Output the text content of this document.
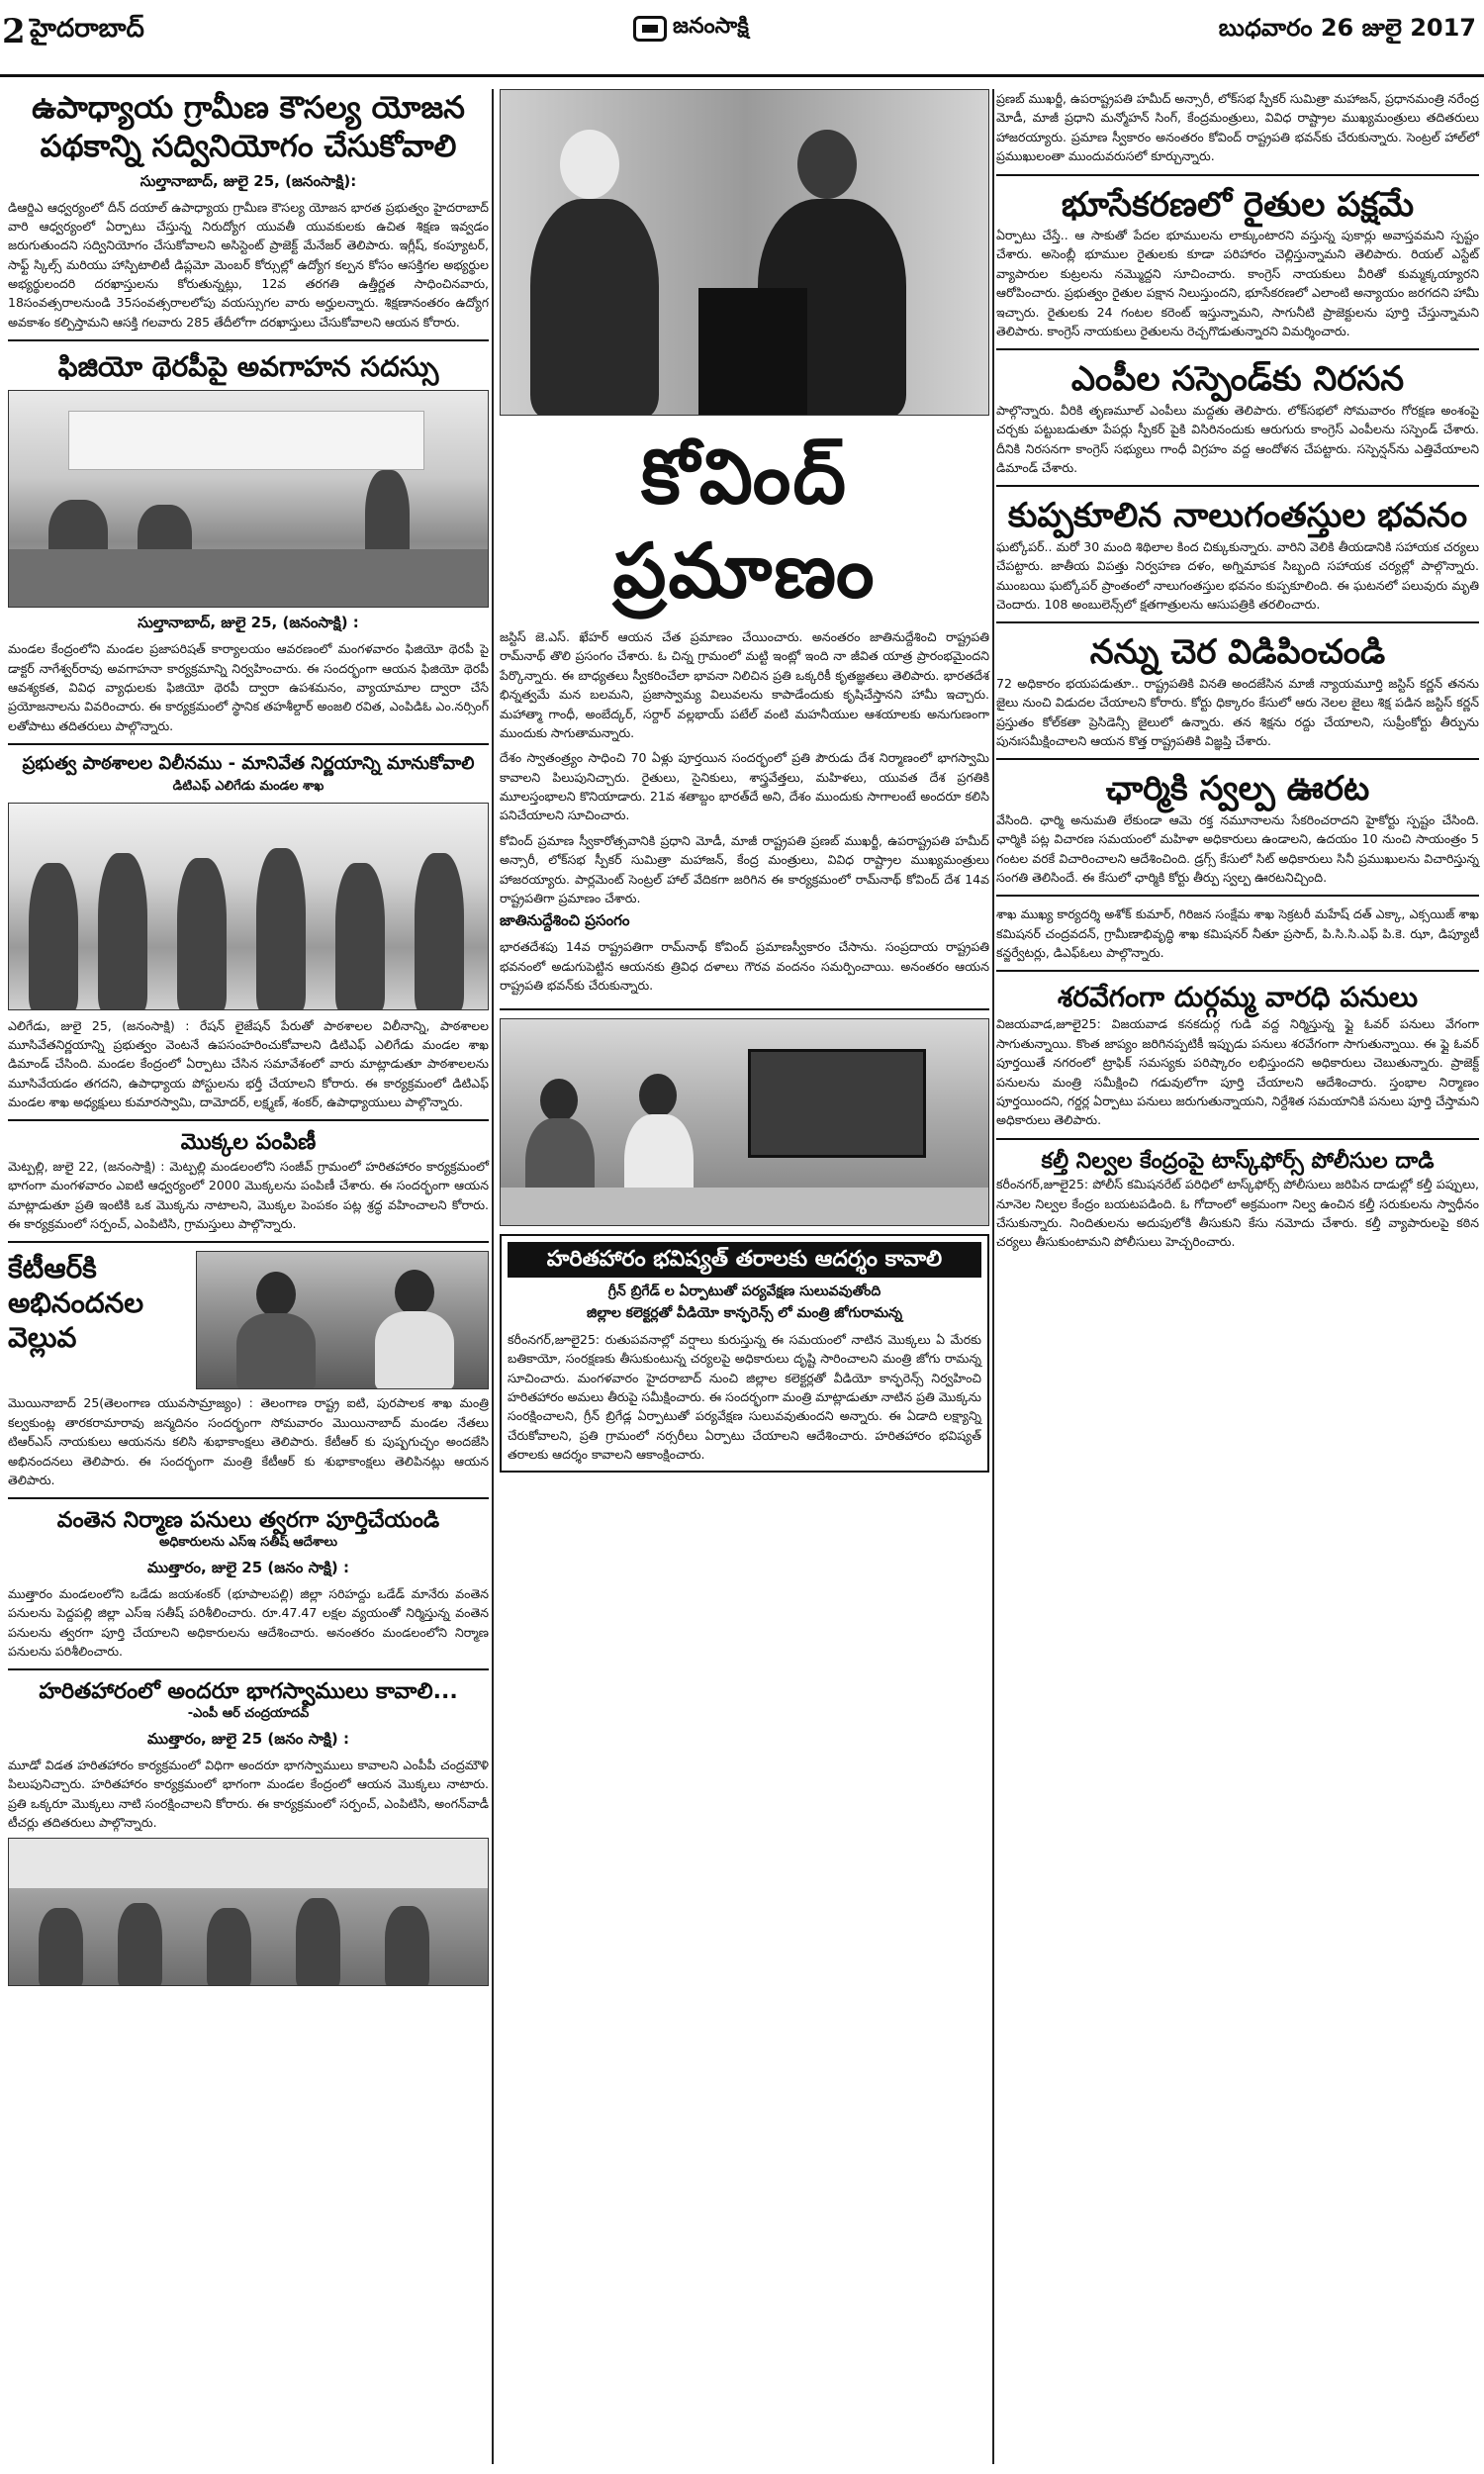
2 హైదరాబాద్	జనంసాక్షి	బుధవారం 26 జులై 2017
ఉపాధ్యాయ గ్రామీణ కౌసల్య యోజన పథకాన్ని సద్వినియోగం చేసుకోవాలి
సుల్తానాబాద్, జులై 25, (జనంసాక్షి):
డిఆర్డిఎ ఆధ్వర్యంలో దీన్ దయాల్ ఉపాధ్యాయ గ్రామీణ కౌసల్య యోజన భారత ప్రభుత్వం హైదరాబాద్ వారి ఆధ్వర్యంలో ఏర్పాటు చేస్తున్న నిరుద్యోగ యువతీ యువకులకు ఉచిత శిక్షణ ఇవ్వడం జరుగుతుందని సద్వినియోగం చేసుకోవాలని అసిస్టెంట్ ప్రాజెక్ట్ మేనేజర్ తెలిపారు. ఇగ్లీష్, కంప్యూటర్, సాఫ్ట్ స్కిల్స్ మరియు హాస్పిటాలిటీ డిప్లమో మెంబర్ కోర్సుల్లో ఉద్యోగ కల్పన కోసం ఆసక్తిగల అభ్యర్థుల అభ్యర్థులందరి దరఖాస్తులను కోరుతున్నట్లు, 12వ తరగతి ఉత్తీర్ణత సాధించినవారు, 18సంవత్సరాలనుండి 35సంవత్సరాలలోపు వయస్సుగల వారు అర్హులన్నారు. శిక్షణానంతరం ఉద్యోగ అవకాశం కల్పిస్తామని ఆసక్తి గలవారు 285 తేదీలోగా దరఖాస్తులు చేసుకోవాలని ఆయన కోరారు.
ఫిజియో థెరపీపై అవగాహన సదస్సు
సుల్తానాబాద్, జులై 25, (జనంసాక్షి) :
మండల కేంద్రంలోని మండల ప్రజాపరిషత్ కార్యాలయం ఆవరణంలో మంగళవారం ఫిజియో థెరపీ పై డాక్టర్ నాగేశ్వర్‌రావు అవగాహనా కార్యక్రమాన్ని నిర్వహించారు. ఈ సందర్భంగా ఆయన ఫిజియో థెరపీ ఆవశ్యకత, వివిధ వ్యాధులకు ఫిజియో థెరపీ ద్వారా ఉపశమనం, వ్యాయామాల ద్వారా చేసే ప్రయోజనాలను వివరించారు. ఈ కార్యక్రమంలో స్థానిక తహశీల్దార్ అంజలి రవిత, ఎంపిడిఓ ఎం.నర్సింగ్ లతోపాటు తదితరులు పాల్గొన్నారు.
ప్రభుత్వ పాఠశాలల విలీనము - మానివేత నిర్ణయాన్ని మానుకోవాలి
డిటిఎఫ్ ఎలిగేడు మండల శాఖ
ఎలిగేడు, జులై 25, (జనంసాక్షి) : రేషన్ లైజేషన్ పేరుతో పాఠశాలల విలీనాన్ని, పాఠశాలల మూసివేతనిర్ణయాన్ని ప్రభుత్వం వెంటనే ఉపసంహరించుకోవాలని డిటిఎఫ్ ఎలిగేడు మండల శాఖ డిమాండ్ చేసింది. మండల కేంద్రంలో ఏర్పాటు చేసిన సమావేశంలో వారు మాట్లాడుతూ పాఠశాలలను మూసివేయడం తగదని, ఉపాధ్యాయ పోస్టులను భర్తీ చేయాలని కోరారు. ఈ కార్యక్రమంలో డిటిఎఫ్ మండల శాఖ అధ్యక్షులు కుమారస్వామి, దామోదర్, లక్ష్మణ్, శంకర్, ఉపాధ్యాయులు పాల్గొన్నారు.
మొక్కల పంపిణీ
మెట్పల్లి, జులై 22, (జనంసాక్షి) : మెట్పల్లి మండలంలోని సంజీవ్ గ్రామంలో హరితహారం కార్యక్రమంలో భాగంగా మంగళవారం ఎఐటి ఆధ్వర్యంలో 2000 మొక్కలను పంపిణీ చేశారు. ఈ సందర్భంగా ఆయన మాట్లాడుతూ ప్రతి ఇంటికి ఒక మొక్కను నాటాలని, మొక్కల పెంపకం పట్ల శ్రద్ధ వహించాలని కోరారు. ఈ కార్యక్రమంలో సర్పంచ్, ఎంపిటిసి, గ్రామస్తులు పాల్గొన్నారు.
కేటీఆర్‌కి అభినందనల వెల్లువ
మొయినాబాద్ 25(తెలంగాణ యువసామ్రాజ్యం) : తెలంగాణ రాష్ట్ర ఐటి, పురపాలక శాఖ మంత్రి కల్వకుంట్ల తారకరామారావు జన్మదినం సందర్భంగా సోమవారం మొయినాబాద్ మండల నేతలు టిఆర్ఎస్ నాయకులు ఆయనను కలిసి శుభాకాంక్షలు తెలిపారు. కేటీఆర్ కు పుష్పగుచ్ఛం అందజేసి అభినందనలు తెలిపారు. ఈ సందర్భంగా మంత్రి కేటీఆర్ కు శుభాకాంక్షలు తెలిపినట్లు ఆయన తెలిపారు.
వంతెన నిర్మాణ పనులు త్వరగా పూర్తిచేయండి
అధికారులను ఎస్‌ఇ సతీష్ ఆదేశాలు
ముత్తారం, జులై 25 (జనం సాక్షి) :
ముత్తారం మండలంలోని ఒడేడు జయశంకర్ (భూపాలపల్లి) జిల్లా సరిహద్దు ఒడేడ్ మానేరు వంతెన పనులను పెద్దపల్లి జిల్లా ఎస్ఇ సతీష్ పరిశీలించారు. రూ.47.47 లక్షల వ్యయంతో నిర్మిస్తున్న వంతెన పనులను త్వరగా పూర్తి చేయాలని అధికారులను ఆదేశించారు. అనంతరం మండలంలోని నిర్మాణ పనులను పరిశీలించారు.
హరితహారంలో అందరూ భాగస్వాములు కావాలి...
-ఎంపీ ఆర్ చంద్రయాదవ్
ముత్తారం, జులై 25 (జనం సాక్షి) :
మూడో విడత హరితహారం కార్యక్రమంలో విధిగా అందరూ భాగస్వాములు కావాలని ఎంపీపీ చంద్రమౌళి పిలుపునిచ్చారు. హరితహారం కార్యక్రమంలో భాగంగా మండల కేంద్రంలో ఆయన మొక్కలు నాటారు. ప్రతి ఒక్కరూ మొక్కలు నాటి సంరక్షించాలని కోరారు. ఈ కార్యక్రమంలో సర్పంచ్, ఎంపిటిసి, అంగన్‌వాడీ టీచర్లు తదితరులు పాల్గొన్నారు.
కోవింద్ ప్రమాణం
జస్టిస్ జె.ఎస్. ఖేహర్ ఆయన చేత ప్రమాణం చేయించారు. అనంతరం జాతినుద్దేశించి రాష్ట్రపతి రామ్‌నాథ్ తొలి ప్రసంగం చేశారు. ఓ చిన్న గ్రామంలో మట్టి ఇంట్లో ఇంది నా జీవిత యాత్ర ప్రారంభమైందని పేర్కొన్నారు. ఈ బాధ్యతలు స్వీకరించేలా భావనా నిలిచిన ప్రతి ఒక్కరికీ కృతజ్ఞతలు తెలిపారు. భారతదేశ భిన్నత్వమే మన బలమని, ప్రజాస్వామ్య విలువలను కాపాడేందుకు కృషిచేస్తానని హామీ ఇచ్చారు. మహాత్మా గాంధీ, అంబేద్కర్, సర్దార్ వల్లభాయ్ పటేల్ వంటి మహనీయుల ఆశయాలకు అనుగుణంగా ముందుకు సాగుతామన్నారు.
దేశం స్వాతంత్ర్యం సాధించి 70 ఏళ్లు పూర్తయిన సందర్భంలో ప్రతి పౌరుడు దేశ నిర్మాణంలో భాగస్వామి కావాలని పిలుపునిచ్చారు. రైతులు, సైనికులు, శాస్త్రవేత్తలు, మహిళలు, యువత దేశ ప్రగతికి మూలస్తంభాలని కొనియాడారు. 21వ శతాబ్దం భారత్‌దే అని, దేశం ముందుకు సాగాలంటే అందరూ కలిసి పనిచేయాలని సూచించారు.
కోవింద్ ప్రమాణ స్వీకారోత్సవానికి ప్రధాని మోడీ, మాజీ రాష్ట్రపతి ప్రణబ్ ముఖర్జీ, ఉపరాష్ట్రపతి హమీద్ అన్సారీ, లోక్‌సభ స్పీకర్ సుమిత్రా మహాజన్, కేంద్ర మంత్రులు, వివిధ రాష్ట్రాల ముఖ్యమంత్రులు హాజరయ్యారు. పార్లమెంట్ సెంట్రల్ హాల్ వేదికగా జరిగిన ఈ కార్యక్రమంలో రామ్‌నాథ్ కోవింద్ దేశ 14వ రాష్ట్రపతిగా ప్రమాణం చేశారు.
జాతినుద్దేశించి ప్రసంగం
భారతదేశపు 14వ రాష్ట్రపతిగా రామ్‌నాథ్ కోవింద్ ప్రమాణస్వీకారం చేసాను. సంప్రదాయ రాష్ట్రపతి భవనంలో అడుగుపెట్టిన ఆయనకు త్రివిధ దళాలు గౌరవ వందనం సమర్పించాయి. అనంతరం ఆయన రాష్ట్రపతి భవన్‌కు చేరుకున్నారు.
హరితహారం భవిష్యత్ తరాలకు ఆదర్శం కావాలి
గ్రీన్ బ్రిగేడ్ ల ఏర్పాటుతో పర్యవేక్షణ సులువవుతోంది
జిల్లాల కలెక్టర్లతో వీడియో కాన్ఫరెన్స్ లో మంత్రి జోగురామన్న
కరీంనగర్,జూలై25: రుతుపవనాల్లో వర్షాలు కురుస్తున్న ఈ సమయంలో నాటిన మొక్కలు ఏ మేరకు బతికాయో, సంరక్షణకు తీసుకుంటున్న చర్యలపై అధికారులు దృష్టి సారించాలని మంత్రి జోగు రామన్న సూచించారు. మంగళవారం హైదరాబాద్ నుంచి జిల్లాల కలెక్టర్లతో వీడియో కాన్ఫరెన్స్ నిర్వహించి హరితహారం అమలు తీరుపై సమీక్షించారు. ఈ సందర్భంగా మంత్రి మాట్లాడుతూ నాటిన ప్రతి మొక్కను సంరక్షించాలని, గ్రీన్ బ్రిగేడ్ల ఏర్పాటుతో పర్యవేక్షణ సులువవుతుందని అన్నారు. ఈ ఏడాది లక్ష్యాన్ని చేరుకోవాలని, ప్రతి గ్రామంలో నర్సరీలు ఏర్పాటు చేయాలని ఆదేశించారు. హరితహారం భవిష్యత్ తరాలకు ఆదర్శం కావాలని ఆకాంక్షించారు.
ప్రణబ్ ముఖర్జీ, ఉపరాష్ట్రపతి హమీద్ అన్సారీ, లోక్‌సభ స్పీకర్ సుమిత్రా మహాజన్, ప్రధానమంత్రి నరేంద్ర మోడీ, మాజీ ప్రధాని మన్మోహన్ సింగ్, కేంద్రమంత్రులు, వివిధ రాష్ట్రాల ముఖ్యమంత్రులు తదితరులు హాజరయ్యారు. ప్రమాణ స్వీకారం అనంతరం కోవింద్ రాష్ట్రపతి భవన్‌కు చేరుకున్నారు. సెంట్రల్ హాల్‌లో ప్రముఖులంతా ముందువరుసలో కూర్చున్నారు.
భూసేకరణలో రైతుల పక్షమే
ఏర్పాటు చేస్తే.. ఆ సాకుతో పేదల భూములను లాక్కుంటారని వస్తున్న పుకార్లు అవాస్తవమని స్పష్టం చేశారు. అసెంబ్లీ భూముల రైతులకు కూడా పరిహారం చెల్లిస్తున్నామని తెలిపారు. రియల్ ఎస్టేట్ వ్యాపారుల కుట్రలను నమ్మొద్దని సూచించారు. కాంగ్రెస్ నాయకులు వీరితో కుమ్మక్కయ్యారని ఆరోపించారు. ప్రభుత్వం రైతుల పక్షాన నిలుస్తుందని, భూసేకరణలో ఎలాంటి అన్యాయం జరగదని హామీ ఇచ్చారు. రైతులకు 24 గంటల కరెంట్ ఇస్తున్నామని, సాగునీటి ప్రాజెక్టులను పూర్తి చేస్తున్నామని తెలిపారు. కాంగ్రెస్ నాయకులు రైతులను రెచ్చగొడుతున్నారని విమర్శించారు.
ఎంపీల సస్పెండ్‌కు నిరసన
పాల్గొన్నారు. వీరికి తృణమూల్ ఎంపీలు మద్దతు తెలిపారు. లోక్‌సభలో సోమవారం గోరక్షణ అంశంపై చర్చకు పట్టుబడుతూ పేపర్లు స్పీకర్ పైకి విసిరినందుకు ఆరుగురు కాంగ్రెస్ ఎంపీలను సస్పెండ్ చేశారు. దీనికి నిరసనగా కాంగ్రెస్ సభ్యులు గాంధీ విగ్రహం వద్ద ఆందోళన చేపట్టారు. సస్పెన్షన్‌ను ఎత్తివేయాలని డిమాండ్ చేశారు.
కుప్పకూలిన నాలుగంతస్తుల భవనం
ఘట్కోపర్.. మరో 30 మంది శిథిలాల కింద చిక్కుకున్నారు. వారిని వెలికి తీయడానికి సహాయక చర్యలు చేపట్టారు. జాతీయ విపత్తు నిర్వహణ దళం, అగ్నిమాపక సిబ్బంది సహాయక చర్యల్లో పాల్గొన్నారు. ముంబయి ఘట్కోపర్ ప్రాంతంలో నాలుగంతస్తుల భవనం కుప్పకూలింది. ఈ ఘటనలో పలువురు మృతి చెందారు. 108 అంబులెన్స్‌లో క్షతగాత్రులను ఆసుపత్రికి తరలించారు.
నన్ను చెర విడిపించండి
72 అధికారం భయపడుతూ.. రాష్ట్రపతికి వినతి అందజేసిన మాజీ న్యాయమూర్తి జస్టిస్ కర్ణన్ తనను జైలు నుంచి విడుదల చేయాలని కోరారు. కోర్టు ధిక్కారం కేసులో ఆరు నెలల జైలు శిక్ష పడిన జస్టిస్ కర్ణన్ ప్రస్తుతం కోల్‌కతా ప్రెసిడెన్సీ జైలులో ఉన్నారు. తన శిక్షను రద్దు చేయాలని, సుప్రీంకోర్టు తీర్పును పునఃసమీక్షించాలని ఆయన కొత్త రాష్ట్రపతికి విజ్ఞప్తి చేశారు.
ఛార్మికి స్వల్ప ఊరట
వేసింది. ఛార్మి అనుమతి లేకుండా ఆమె రక్త నమూనాలను సేకరించరాదని హైకోర్టు స్పష్టం చేసింది. ఛార్మికి పట్ల విచారణ సమయంలో మహిళా అధికారులు ఉండాలని, ఉదయం 10 నుంచి సాయంత్రం 5 గంటల వరకే విచారించాలని ఆదేశించింది. డ్రగ్స్ కేసులో సిట్ అధికారులు సినీ ప్రముఖులను విచారిస్తున్న సంగతి తెలిసిందే. ఈ కేసులో ఛార్మికి కోర్టు తీర్పు స్వల్ప ఊరటనిచ్చింది.
శాఖ ముఖ్య కార్యదర్శి అశోక్ కుమార్, గిరిజన సంక్షేమ శాఖ సెక్రటరీ మహేష్ దత్ ఎక్కా, ఎక్సయిజ్ శాఖ కమిషనర్ చంద్రవదన్, గ్రామీణాభివృద్ధి శాఖ కమిషనర్ నీతూ ప్రసాద్, పి.సి.సి.ఎఫ్ పి.కె. ఝా, డిప్యూటీ కన్జర్వేటర్లు, డిఎఫ్‌ఓలు పాల్గొన్నారు.
శరవేగంగా దుర్గమ్మ వారధి పనులు
విజయవాడ,జూలై25: విజయవాడ కనకదుర్గ గుడి వద్ద నిర్మిస్తున్న ఫ్లై ఓవర్ పనులు వేగంగా సాగుతున్నాయి. కొంత జాప్యం జరిగినప్పటికీ ఇప్పుడు పనులు శరవేగంగా సాగుతున్నాయి. ఈ ఫ్లై ఓవర్ పూర్తయితే నగరంలో ట్రాఫిక్ సమస్యకు పరిష్కారం లభిస్తుందని అధికారులు చెబుతున్నారు. ప్రాజెక్ట్ పనులను మంత్రి సమీక్షించి గడువులోగా పూర్తి చేయాలని ఆదేశించారు. స్తంభాల నిర్మాణం పూర్తయిందని, గర్డర్ల ఏర్పాటు పనులు జరుగుతున్నాయని, నిర్దేశిత సమయానికి పనులు పూర్తి చేస్తామని అధికారులు తెలిపారు.
కల్తీ నిల్వల కేంద్రంపై టాస్క్‌ఫోర్స్ పోలీసుల దాడి
కరీంనగర్,జూలై25: పోలీస్ కమిషనరేట్ పరిధిలో టాస్క్‌ఫోర్స్ పోలీసులు జరిపిన దాడుల్లో కల్తీ పప్పులు, నూనెల నిల్వల కేంద్రం బయటపడింది. ఓ గోదాంలో అక్రమంగా నిల్వ ఉంచిన కల్తీ సరుకులను స్వాధీనం చేసుకున్నారు. నిందితులను అదుపులోకి తీసుకుని కేసు నమోదు చేశారు. కల్తీ వ్యాపారులపై కఠిన చర్యలు తీసుకుంటామని పోలీసులు హెచ్చరించారు.
